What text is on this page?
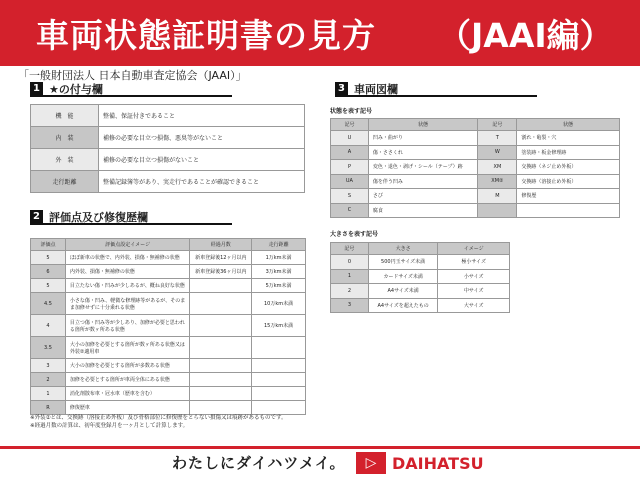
車両状態証明書の見方 （JAAI編）
「一般財団法人 日本自動車査定協会（JAAI）」
1 ★の付与欄
機　能	整備、保証付きであること
内　装	補修の必要な目立つ損傷、悪臭等がないこと
外　装	補修の必要な目立つ損傷がないこと
走行距離	整備記録簿等があり、実走行であることが確認できること
2 評価点及び修復歴欄
評価点	評価点設定イメージ	経過月数	走行距離
5	ほぼ新車の状態で、内外装、損傷・無補修の状態	新車登録後12ヶ月以内	1万km未満
6	内外装、損傷・無補修の状態	新車登録後36ヶ月以内	3万km未満
5	目立たない傷・凹みが少しあるが、概ね良好な状態		5万km未満
4.5	小さな傷・凹み、軽微な修理跡等があるが、そのまま加修せずに十分乗れる状態		10万km未満
4	目立つ傷・凹み等が少しあり、加修が必要と思われる箇所が数ヶ所ある状態		15万km未満
3.5	大小の加修を必要とする箇所が数ヶ所ある状態又は外装②適用車		
3	大小の加修を必要とする箇所が多数ある状態		
2	加修を必要とする箇所が車両全体にある状態		
1	消化剤散布車・冠水車（歴車を含む）		
R	修復歴車		
3 車両図欄
状態を表す記号
記号	状態	記号	状態
U	凹み・曲がり	T	割れ・亀裂・穴
A	傷・ささくれ	W	塗装跡・板金修理跡
P	変色・退色・剥げ・シール（テープ）跡	XM	交換跡（ネジ止め外板）
UA	傷を伴う凹み	XM②	交換跡（溶接止め外板）
S	さび	M	修復歴
C	腐食		
大きさを表す記号
記号	大きさ	イメージ
0	500円玉サイズ未満	極小サイズ
1	カードサイズ未満	小サイズ
2	A4サイズ未満	中サイズ
3	A4サイズを超えたもの	大サイズ
※外装②とは、交換跡（溶接止め外板）及び骨格部位に修復歴をとらない損傷又は痕跡があるものです。
※経過月数の計算は、初年度登録月を一ヶ月として計算します。
わたしにダイハツメイ。	▷ DAIHATSU
